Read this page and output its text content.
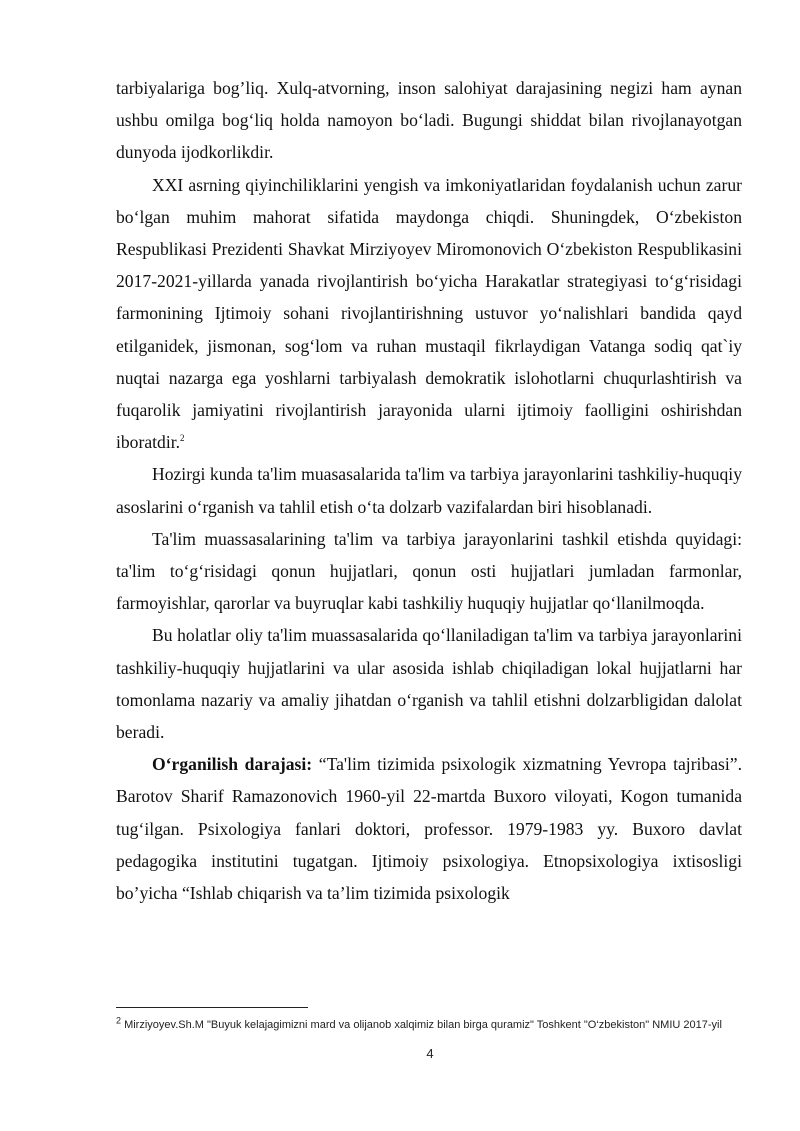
tarbiyalariga bog’liq. Xulq-atvorning, inson salohiyat darajasining negizi ham aynan ushbu omilga bog‘liq holda namoyon bo‘ladi. Bugungi shiddat bilan rivojlanayotgan dunyoda ijodkorlikdir.

XXI asrning qiyinchiliklarini yengish va imkoniyatlaridan foydalanish uchun zarur bo‘lgan muhim mahorat sifatida maydonga chiqdi. Shuningdek, O‘zbekiston Respublikasi Prezidenti Shavkat Mirziyoyev Miromonovich O‘zbekiston Respublikasini 2017-2021-yillarda yanada rivojlantirish bo‘yicha Harakatlar strategiyasi to‘g‘risidagi farmonining Ijtimoiy sohani rivojlantirishning ustuvor yo‘nalishlari bandida qayd etilganidek, jismonan, sog‘lom va ruhan mustaqil fikrlaydigan Vatanga sodiq qat`iy nuqtai nazarga ega yoshlarni tarbiyalash demokratik islohotlarni chuqurlashtirish va fuqarolik jamiyatini rivojlantirish jarayonida ularni ijtimoiy faolligini oshirishdan iboratdir.$^2$

Hozirgi kunda ta'lim muasasalarida ta'lim va tarbiya jarayonlarini tashkiliy-huquqiy asoslarini o‘rganish va tahlil etish o‘ta dolzarb vazifalardan biri hisoblanadi.

Ta'lim muassasalarining ta'lim va tarbiya jarayonlarini tashkil etishda quyidagi: ta'lim to‘g‘risidagi qonun hujjatlari, qonun osti hujjatlari jumladan farmonlar, farmoyishlar, qarorlar va buyruqlar kabi tashkiliy huquqiy hujjatlar qo‘llanilmoqda.

Bu holatlar oliy ta'lim muassasalarida qo‘llaniladigan ta'lim va tarbiya jarayonlarini tashkiliy-huquqiy hujjatlarini va ular asosida ishlab chiqiladigan lokal hujjatlarni har tomonlama nazariy va amaliy jihatdan o‘rganish va tahlil etishni dolzarbligidan dalolat beradi.

O‘rganilish darajasi: “Ta'lim tizimida psixologik xizmatning Yevropa tajribasi”. Barotov Sharif Ramazonovich 1960-yil 22-martda Buxoro viloyati, Kogon tumanida tug‘ilgan. Psixologiya fanlari doktori, professor. 1979-1983 yy. Buxoro davlat pedagogika institutini tugatgan. Ijtimoiy psixologiya. Etnopsixologiya ixtisosligi bo’yicha “Ishlab chiqarish va ta’lim tizimida psixologik

$^2$ Mirziyoyev.Sh.M "Buyuk kelajagimizni mard va olijanob xalqimiz bilan birga quramiz" Toshkent "O‘zbekiston" NMIU 2017-yil
4
